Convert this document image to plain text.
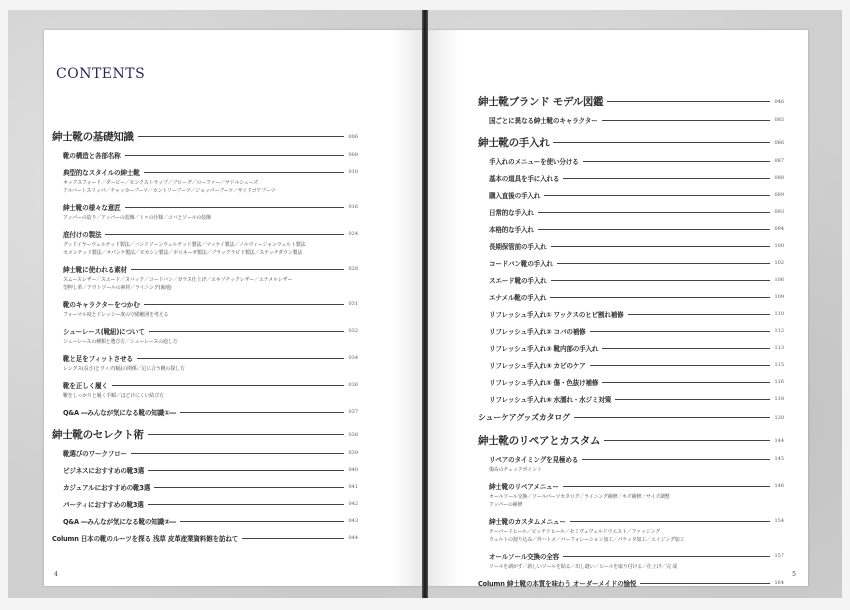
CONTENTS
紳士靴の基礎知識	006
靴の構造と各部名称	008
典型的なスタイルの紳士靴	010
オックスフォード／ダービー／モンクストラップ／ブローグ／ローファー／サドルシューズ
アルバートスリッパ／チャッカーブーツ／カントリーブーツ／ジョッパーブーツ／サイドゴアブーツ
紳士靴の様々な意匠	016
アッパーの造り／アッパーの装飾／トゥの仕様／コバとソールの装飾
底付けの製法	024
グッドイヤーウェルテッド製法／ハンドソーンウェルテッド製法／マッケイ製法／ノルウィージャンウェルト製法
セメンテッド製法／オパンケ製法／モカシン製法／ボロネーゼ製法／ブラックラピド製法／ステッチダウン製法
紳士靴に使われる素材	028
スムースレザー／スエード／ヌバック／コードバン／ガラス仕上げ／エキゾチックレザー／エナメルレザー
型押し革／アウトソールの素材／ライニング(裏地)
靴のキャラクターをつかむ	031
フォーマル度とドレッシー度の守備範囲を考える
シューレース(靴紐)について	032
シューレースの種類と選び方／シューレースの通し方
靴と足をフィットさせる	034
レングス(長さ)とウィズ(幅)の関係／足に合う靴の探し方
靴を正しく履く	036
靴をしっかりと履く手順／ほどけにくい結び方
Q&A ―みんなが気になる靴の知識①―	037
紳士靴のセレクト術	038
靴選びのワークフロー	039
ビジネスにおすすめの靴3選	040
カジュアルにおすすめの靴3選	041
パーティにおすすめの靴3選	042
Q&A ―みんなが気になる靴の知識②―	043
Column 日本の靴のルーツを探る 浅草 皮革産業資料館を訪ねて	044
4
紳士靴ブランド モデル図鑑	046
国ごとに異なる紳士靴のキャラクター	085
紳士靴の手入れ	086
手入れのメニューを使い分ける	087
基本の道具を手に入れる	088
購入直後の手入れ	089
日常的な手入れ	093
本格的な手入れ	094
長期保管前の手入れ	100
コードバン靴の手入れ	102
スエード靴の手入れ	106
エナメル靴の手入れ	109
リフレッシュ手入れ① ワックスのヒビ割れ補修	110
リフレッシュ手入れ② コバの補修	112
リフレッシュ手入れ③ 靴内部の手入れ	113
リフレッシュ手入れ④ カビのケア	115
リフレッシュ手入れ⑤ 傷・色抜け補修	116
リフレッシュ手入れ⑥ 水濡れ・水ジミ対策	118
シューケアグッズカタログ	120
紳士靴のリペアとカスタム	144
リペアのタイミングを見極める	145
傷みのチェックポイント
紳士靴のリペアメニュー	146
オールソール交換／ソールパーツカタログ／ライニング補修／キズ補修／サイズ調整
アッパーの補修
紳士靴のカスタムメニュー	154
テーパードヒール／ピッチドヒール／セミヴェヴェルドウエスト／ファッジング
ウェルトの割り込み／外ハトメ／パーフォレーション加工／パケッタ加工／エイジング加工
オールソール交換の全容	157
ソールを剥がす／新しいソールを貼る／出し縫い／ヒールを取り付ける／仕上げ／完 成
Column 紳士靴の本質を味わう オーダーメイドの愉悦	164
5
